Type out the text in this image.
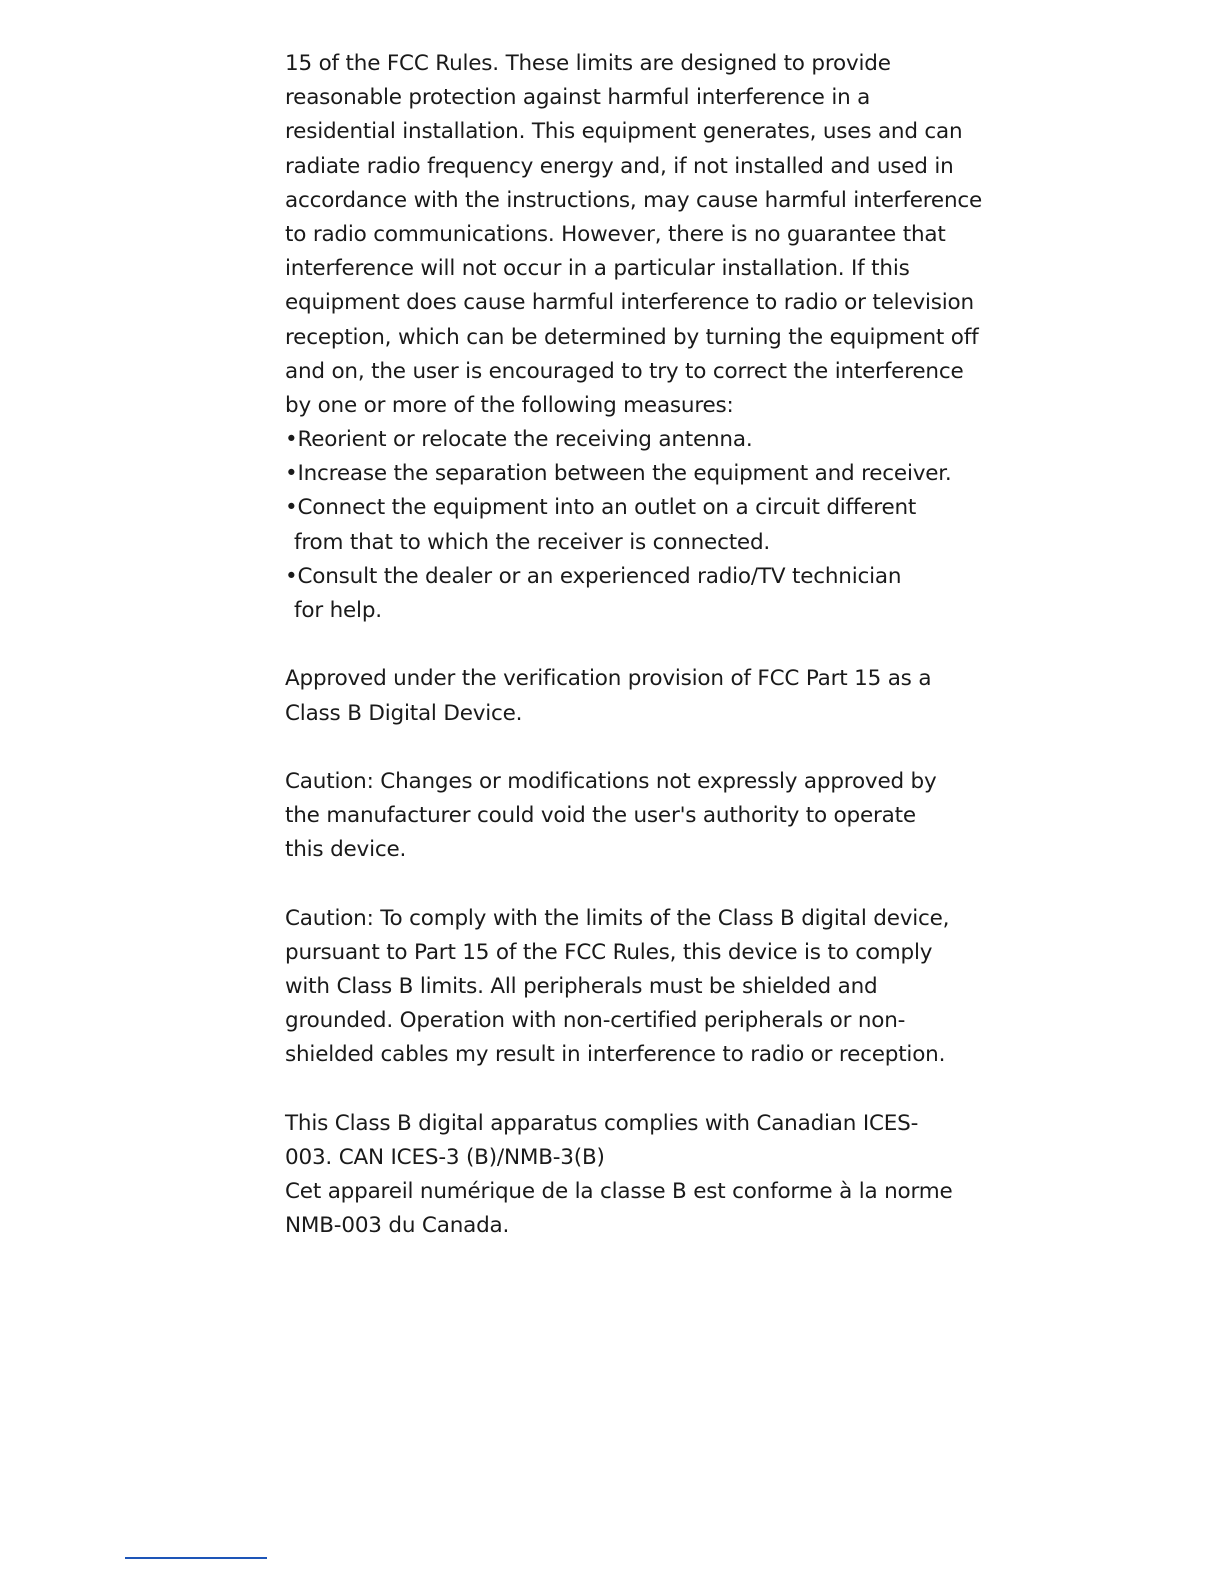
15 of the FCC Rules. These limits are designed to provide
reasonable protection against harmful interference in a
residential installation. This equipment generates, uses and can
radiate radio frequency energy and, if not installed and used in
accordance with the instructions, may cause harmful interference
to radio communications. However, there is no guarantee that
interference will not occur in a particular installation. If this
equipment does cause harmful interference to radio or television
reception, which can be determined by turning the equipment off
and on, the user is encouraged to try to correct the interference
by one or more of the following measures:
•Reorient or relocate the receiving antenna.
•Increase the separation between the equipment and receiver.
•Connect the equipment into an outlet on a circuit different
from that to which the receiver is connected.
•Consult the dealer or an experienced radio/TV technician
for help.
Approved under the verification provision of FCC Part 15 as a
Class B Digital Device.
Caution: Changes or modifications not expressly approved by
the manufacturer could void the user's authority to operate
this device.
Caution: To comply with the limits of the Class B digital device,
pursuant to Part 15 of the FCC Rules, this device is to comply
with Class B limits. All peripherals must be shielded and
grounded. Operation with non-certified peripherals or non-
shielded cables my result in interference to radio or reception.
This Class B digital apparatus complies with Canadian ICES-
003. CAN ICES-3 (B)/NMB-3(B)
Cet appareil numérique de la classe B est conforme à la norme
NMB-003 du Canada.
